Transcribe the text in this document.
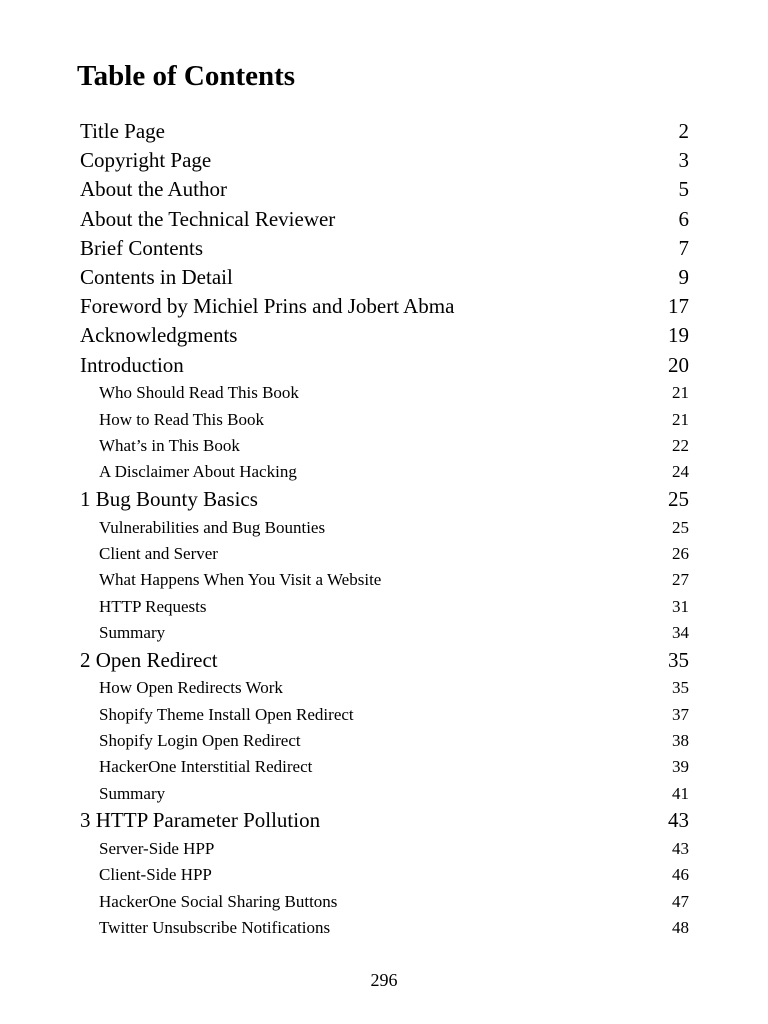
Table of Contents
Title Page	2
Copyright Page	3
About the Author	5
About the Technical Reviewer	6
Brief Contents	7
Contents in Detail	9
Foreword by Michiel Prins and Jobert Abma	17
Acknowledgments	19
Introduction	20
Who Should Read This Book	21
How to Read This Book	21
What’s in This Book	22
A Disclaimer About Hacking	24
1 Bug Bounty Basics	25
Vulnerabilities and Bug Bounties	25
Client and Server	26
What Happens When You Visit a Website	27
HTTP Requests	31
Summary	34
2 Open Redirect	35
How Open Redirects Work	35
Shopify Theme Install Open Redirect	37
Shopify Login Open Redirect	38
HackerOne Interstitial Redirect	39
Summary	41
3 HTTP Parameter Pollution	43
Server-Side HPP	43
Client-Side HPP	46
HackerOne Social Sharing Buttons	47
Twitter Unsubscribe Notifications	48
296
